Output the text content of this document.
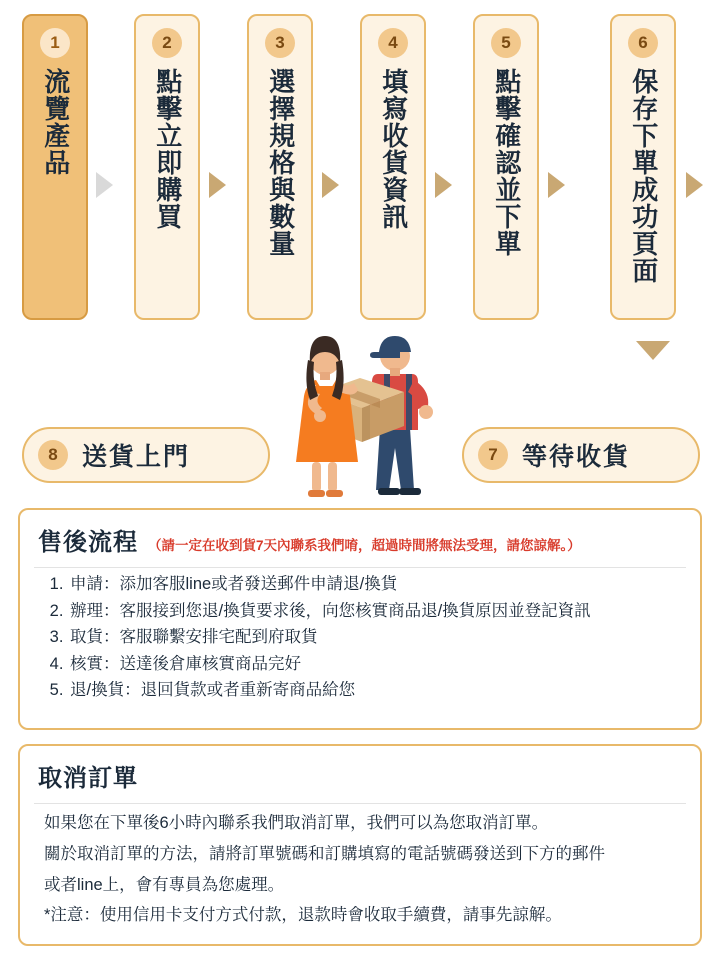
1
流覽產品
2
點擊立即購買
3
選擇規格與數量
4
填寫收貨資訊
5
點擊確認並下單
6
保存下單成功頁面
8 送貨上門	7 等待收貨
售後流程 （請一定在收到貨7天內聯系我們唷，超過時間將無法受理，請您諒解。）
1. 申請：添加客服line或者發送郵件申請退/換貨
2. 辦理：客服接到您退/換貨要求後，向您核實商品退/換貨原因並登記資訊
3. 取貨：客服聯繫安排宅配到府取貨
4. 核實：送達後倉庫核實商品完好
5. 退/換貨：退回貨款或者重新寄商品給您
取消訂單

如果您在下單後6小時內聯系我們取消訂單，我們可以為您取消訂單。

關於取消訂單的方法，請將訂單號碼和訂購填寫的電話號碼發送到下方的郵件

或者line上，會有專員為您處理。

*注意：使用信用卡支付方式付款，退款時會收取手續費，請事先諒解。
